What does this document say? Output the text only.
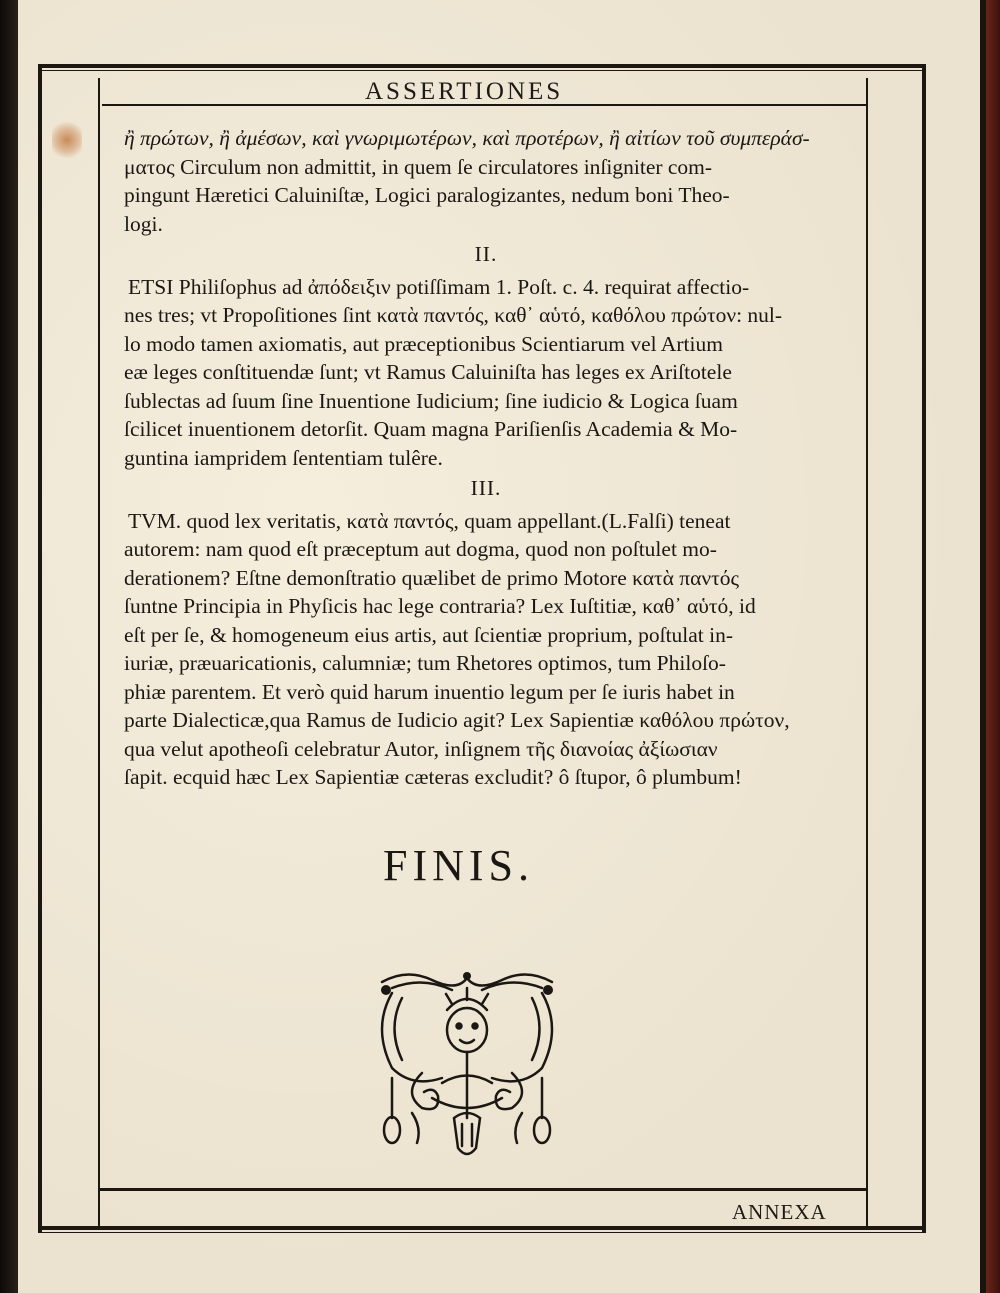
ASSERTIONES
ἢ πρώτων, ἢ ἀμέσων, καὶ γνωριμωτέρων, καὶ προτέρων, ἢ αἰτίων τοῦ συμπεράσ-
ματος Circulum non admittit, in quem ſe circulatores inſigniter com-
pingunt Hæretici Caluiniſtæ, Logici paralogizantes, nedum boni Theo-
logi.
II.
ETSI Philiſophus ad ἀπόδειξιν potiſſimam 1. Poſt. c. 4. requirat affectio-
nes tres; vt Propoſitiones ſint κατὰ παντός, καθ᾽ αὑτό, καθόλου πρώτον: nul-
lo modo tamen axiomatis, aut præceptionibus Scientiarum vel Artium
eæ leges conſtituendæ ſunt; vt Ramus Caluiniſta has leges ex Ariſtotele
ſublectas ad ſuum ſine Inuentione Iudicium; ſine iudicio & Logica ſuam
ſcilicet inuentionem detorſit. Quam magna Pariſienſis Academia & Mo-
guntina iampridem ſententiam tulêre.
III.
TVM. quod lex veritatis, κατὰ παντός, quam appellant.(L.Falſi) teneat
autorem: nam quod eſt præceptum aut dogma, quod non poſtulet mo-
derationem? Eſtne demonſtratio quælibet de primo Motore κατὰ παντός
ſuntne Principia in Phyſicis hac lege contraria? Lex Iuſtitiæ, καθ᾽ αὑτό, id
eſt per ſe, & homogeneum eius artis, aut ſcientiæ proprium, poſtulat in-
iuriæ, præuaricationis, calumniæ; tum Rhetores optimos, tum Philoſo-
phiæ parentem. Et verò quid harum inuentio legum per ſe iuris habet in
parte Dialecticæ,qua Ramus de Iudicio agit? Lex Sapientiæ καθόλου πρώτον,
qua velut apotheoſi celebratur Autor, inſignem τῆς διανοίας ἀξίωσιαν
ſapit. ecquid hæc Lex Sapientiæ cæteras excludit? ô ſtupor, ô plumbum!
FINIS.
ANNEXA
